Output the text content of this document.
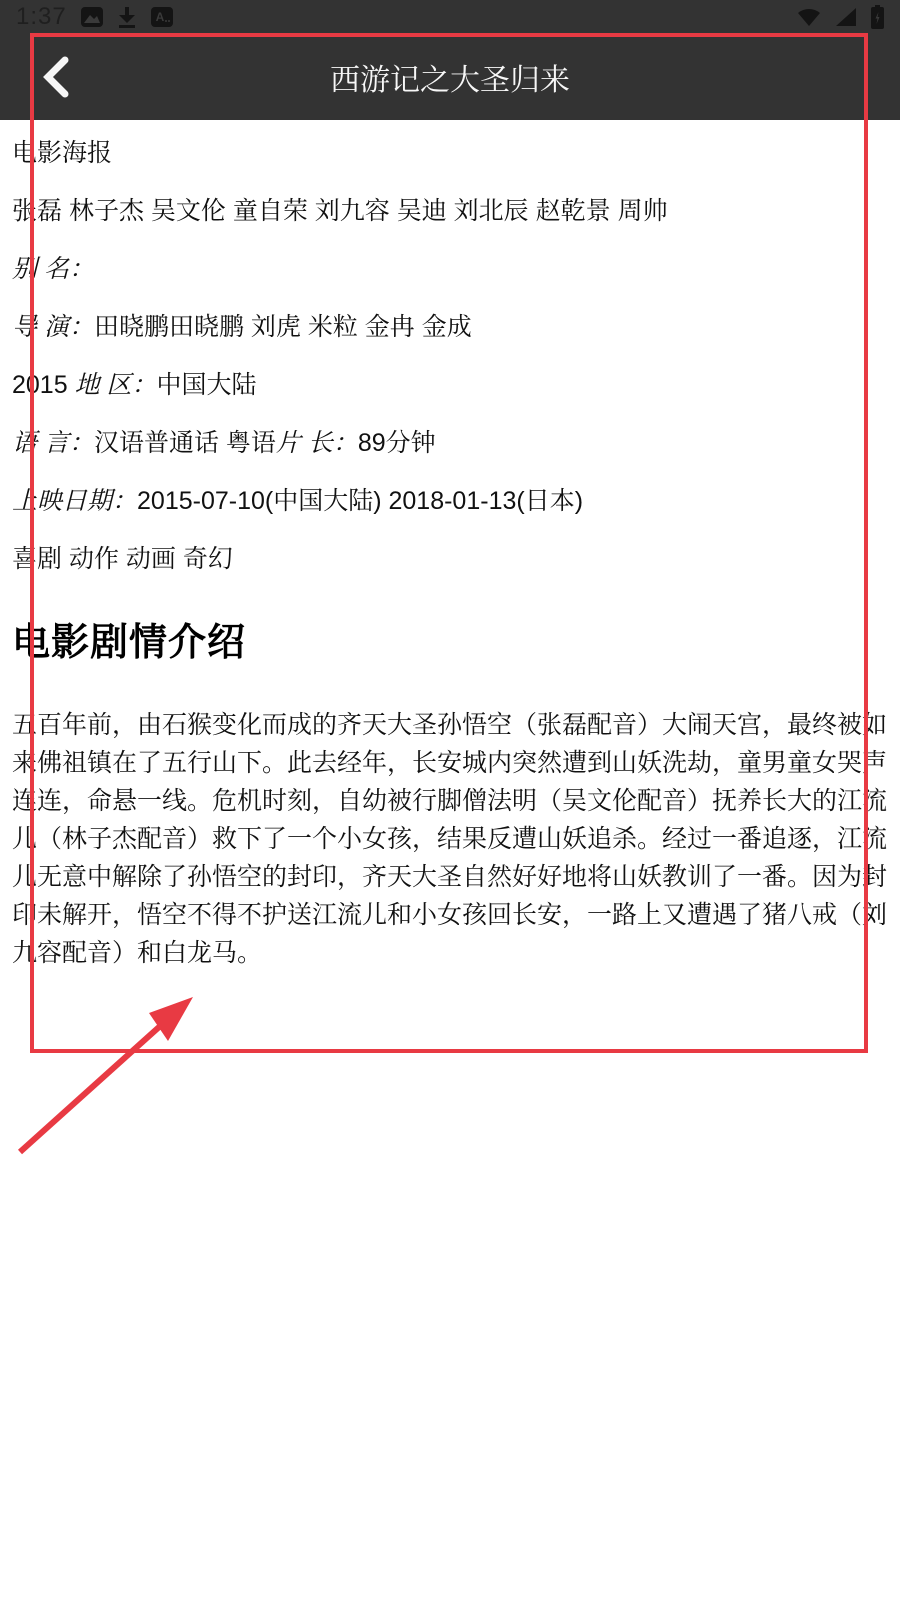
1:37	A
西游记之大圣归来

电影海报

张磊 林子杰 吴文伦 童自荣 刘九容 吴迪 刘北辰 赵乾景 周帅

别 名：

导 演：田晓鹏田晓鹏 刘虎 米粒 金冉 金成

2015 地 区：中国大陆

语 言：汉语普通话 粤语片 长：89分钟

上映日期：2015-07-10(中国大陆) 2018-01-13(日本)

喜剧 动作 动画 奇幻

电影剧情介绍

五百年前，由石猴变化而成的齐天大圣孙悟空（张磊配音）大闹天宫，最终被如来佛祖镇在了五行山下。此去经年，长安城内突然遭到山妖洗劫，童男童女哭声连连，命悬一线。危机时刻，自幼被行脚僧法明（吴文伦配音）抚养长大的江流儿（林子杰配音）救下了一个小女孩，结果反遭山妖追杀。经过一番追逐，江流儿无意中解除了孙悟空的封印，齐天大圣自然好好地将山妖教训了一番。因为封印未解开，悟空不得不护送江流儿和小女孩回长安，一路上又遭遇了猪八戒（刘九容配音）和白龙马。
